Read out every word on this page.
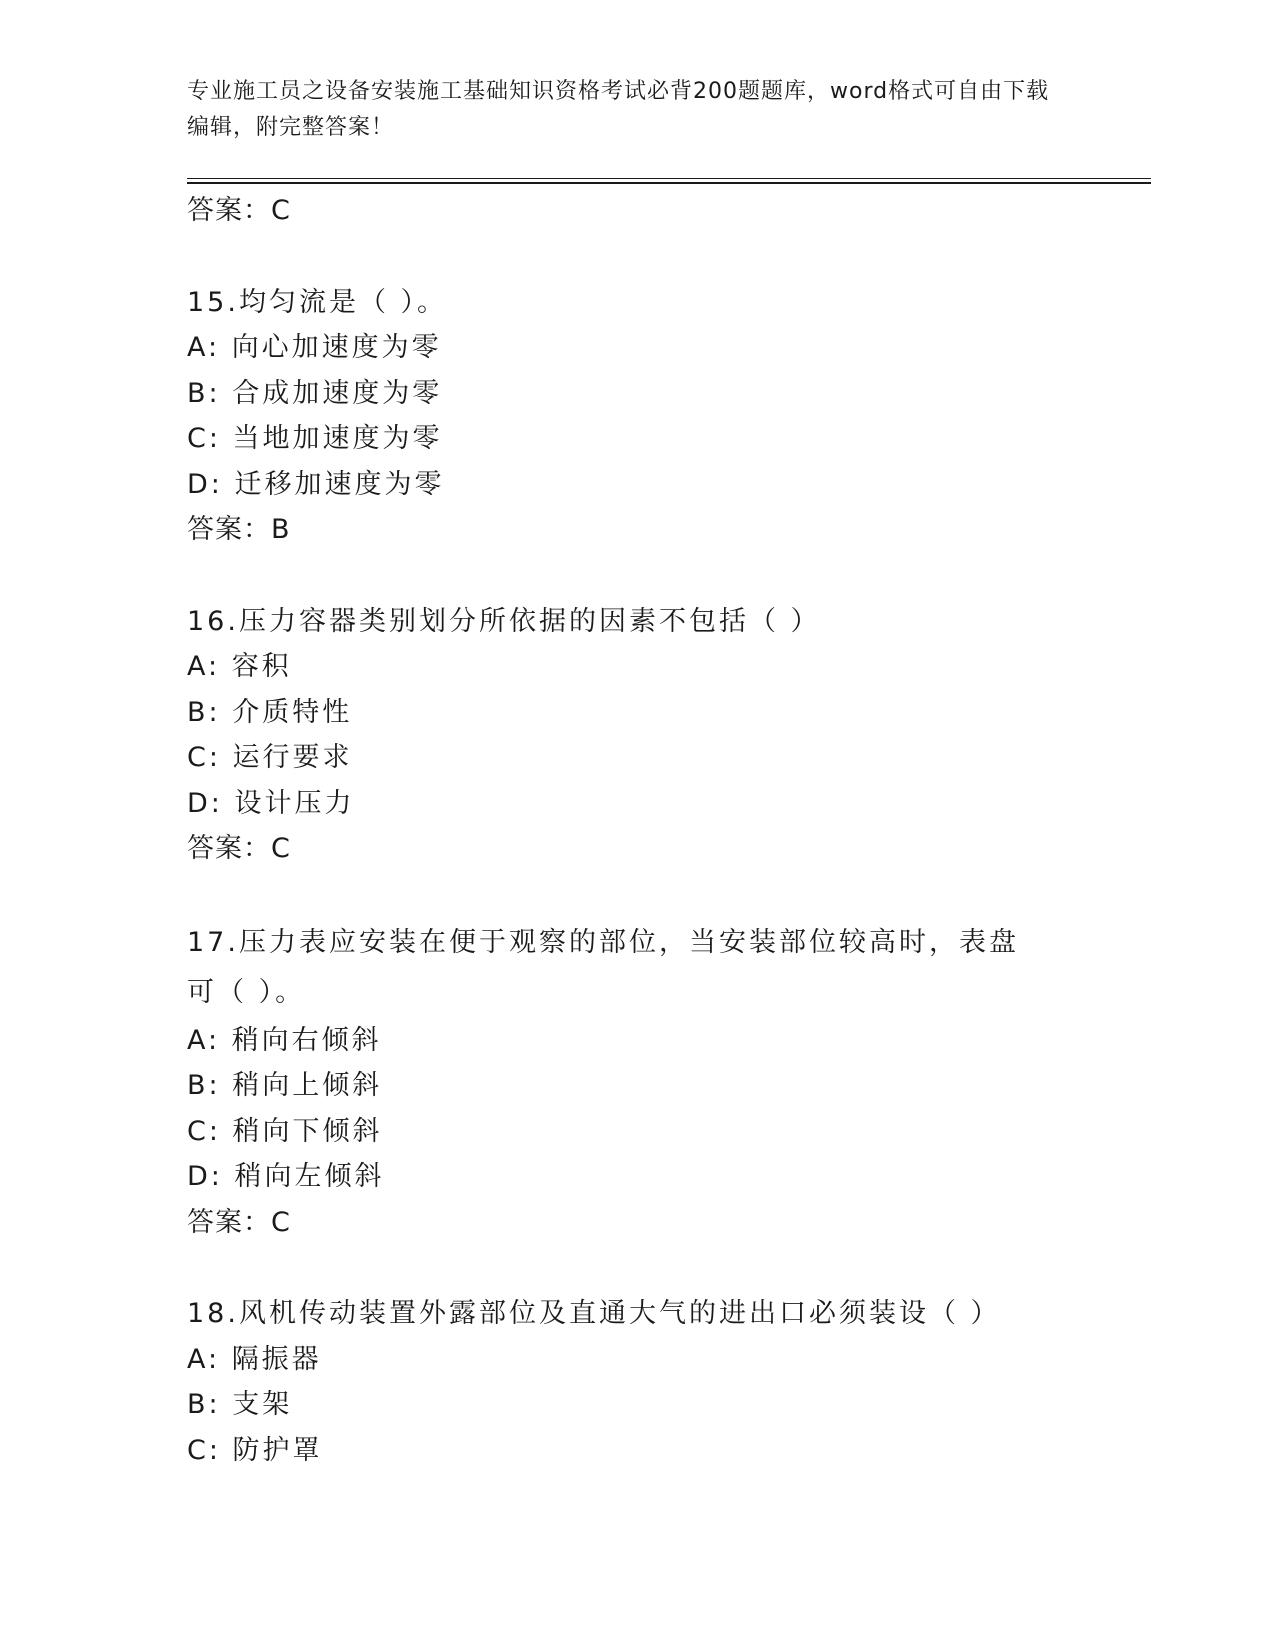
专业施工员之设备安装施工基础知识资格考试必背200题题库，word格式可自由下载编辑，附完整答案！
答案：C
15.均匀流是（ ）。
A: 向心加速度为零
B: 合成加速度为零
C: 当地加速度为零
D: 迁移加速度为零
答案：B
16.压力容器类别划分所依据的因素不包括（ ）
A: 容积
B: 介质特性
C: 运行要求
D: 设计压力
答案：C
17.压力表应安装在便于观察的部位，当安装部位较高时，表盘可（ ）。
A: 稍向右倾斜
B: 稍向上倾斜
C: 稍向下倾斜
D: 稍向左倾斜
答案：C
18.风机传动装置外露部位及直通大气的进出口必须装设（ ）
A: 隔振器
B: 支架
C: 防护罩
